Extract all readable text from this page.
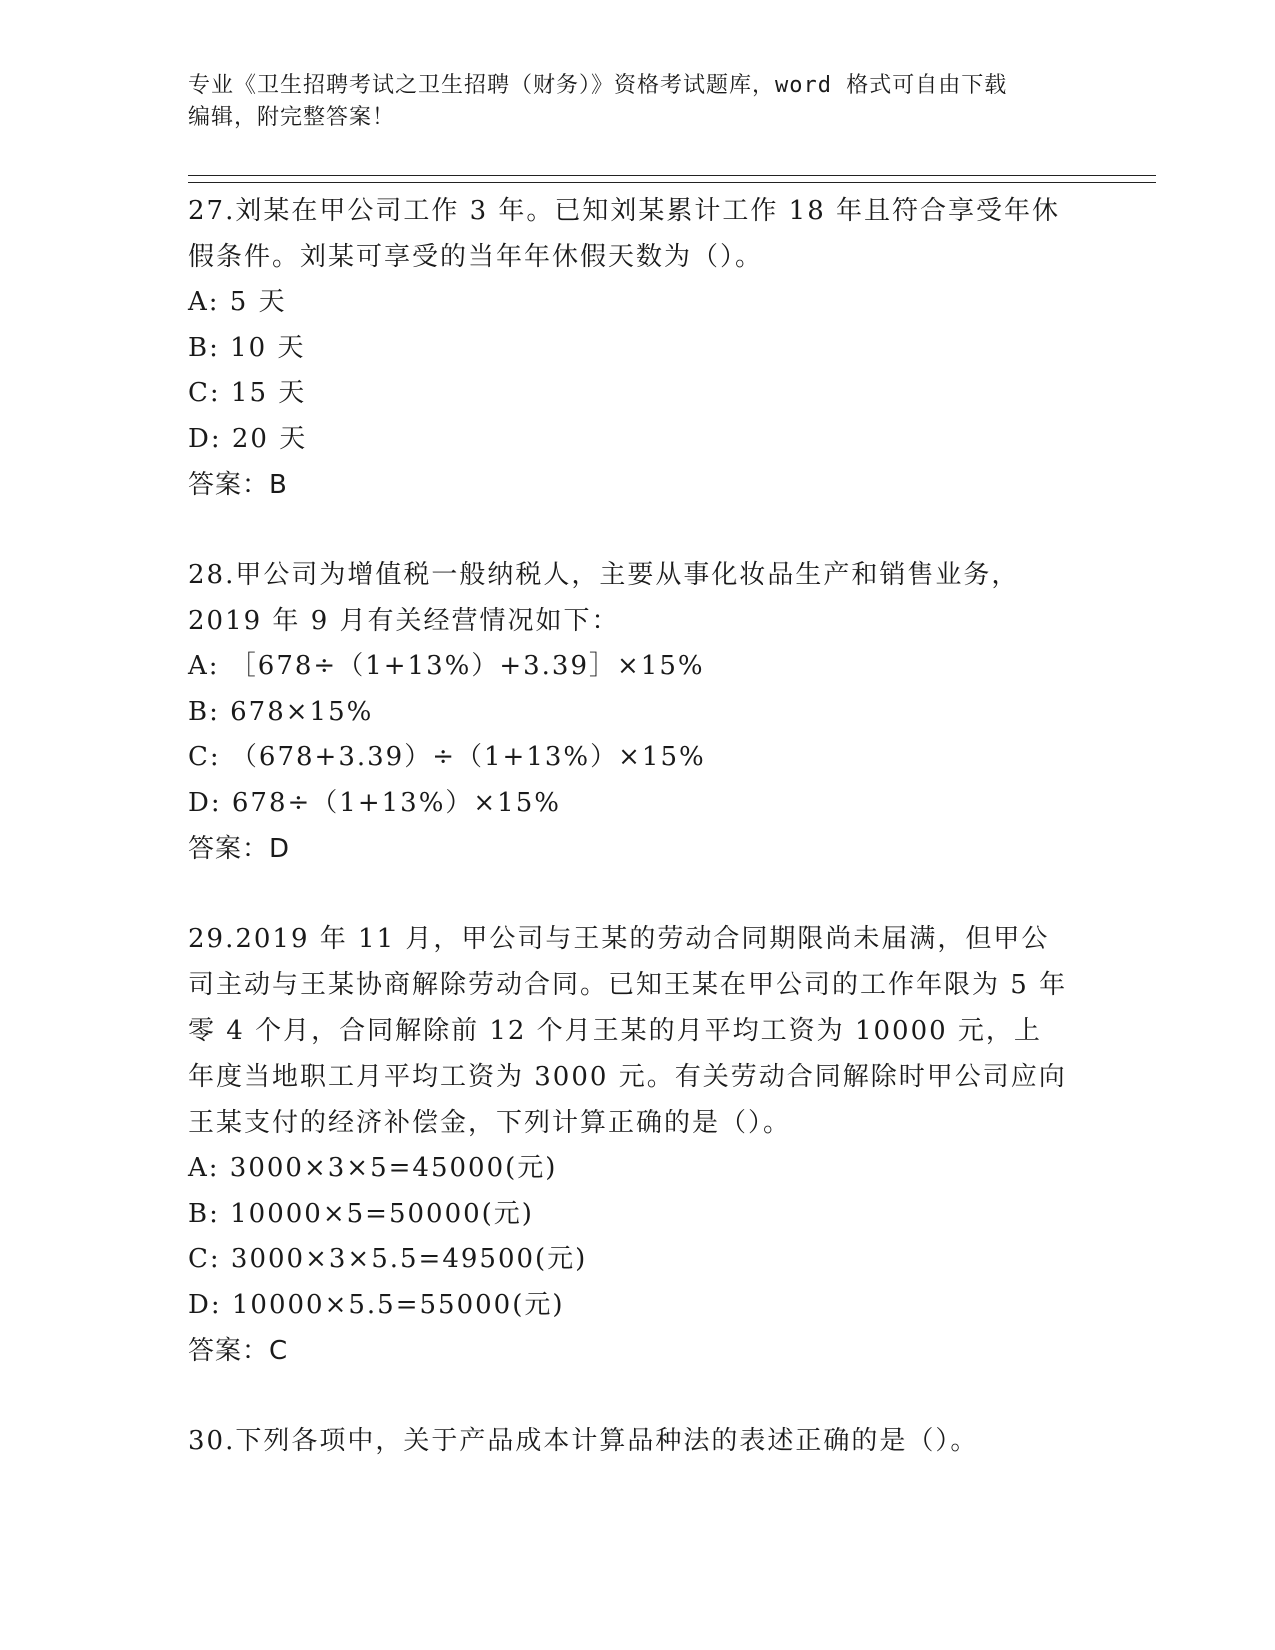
专业《卫生招聘考试之卫生招聘（财务）》资格考试题库，word 格式可自由下载
编辑，附完整答案！

27.刘某在甲公司工作 3 年。已知刘某累计工作 18 年且符合享受年休假条件。刘某可享受的当年年休假天数为（）。

A: 5 天

B: 10 天

C: 15 天

D: 20 天

答案：B

28.甲公司为增值税一般纳税人，主要从事化妆品生产和销售业务，2019 年 9 月有关经营情况如下：

A: ［678÷（1+13%）+3.39］×15%

B: 678×15%

C: （678+3.39）÷（1+13%）×15%

D: 678÷（1+13%）×15%

答案：D

29.2019 年 11 月，甲公司与王某的劳动合同期限尚未届满，但甲公司主动与王某协商解除劳动合同。已知王某在甲公司的工作年限为 5 年零 4 个月，合同解除前 12 个月王某的月平均工资为 10000 元，上年度当地职工月平均工资为 3000 元。有关劳动合同解除时甲公司应向王某支付的经济补偿金，下列计算正确的是（）。

A: 3000×3×5=45000(元)

B: 10000×5=50000(元)

C: 3000×3×5.5=49500(元)

D: 10000×5.5=55000(元)

答案：C

30.下列各项中，关于产品成本计算品种法的表述正确的是（）。
